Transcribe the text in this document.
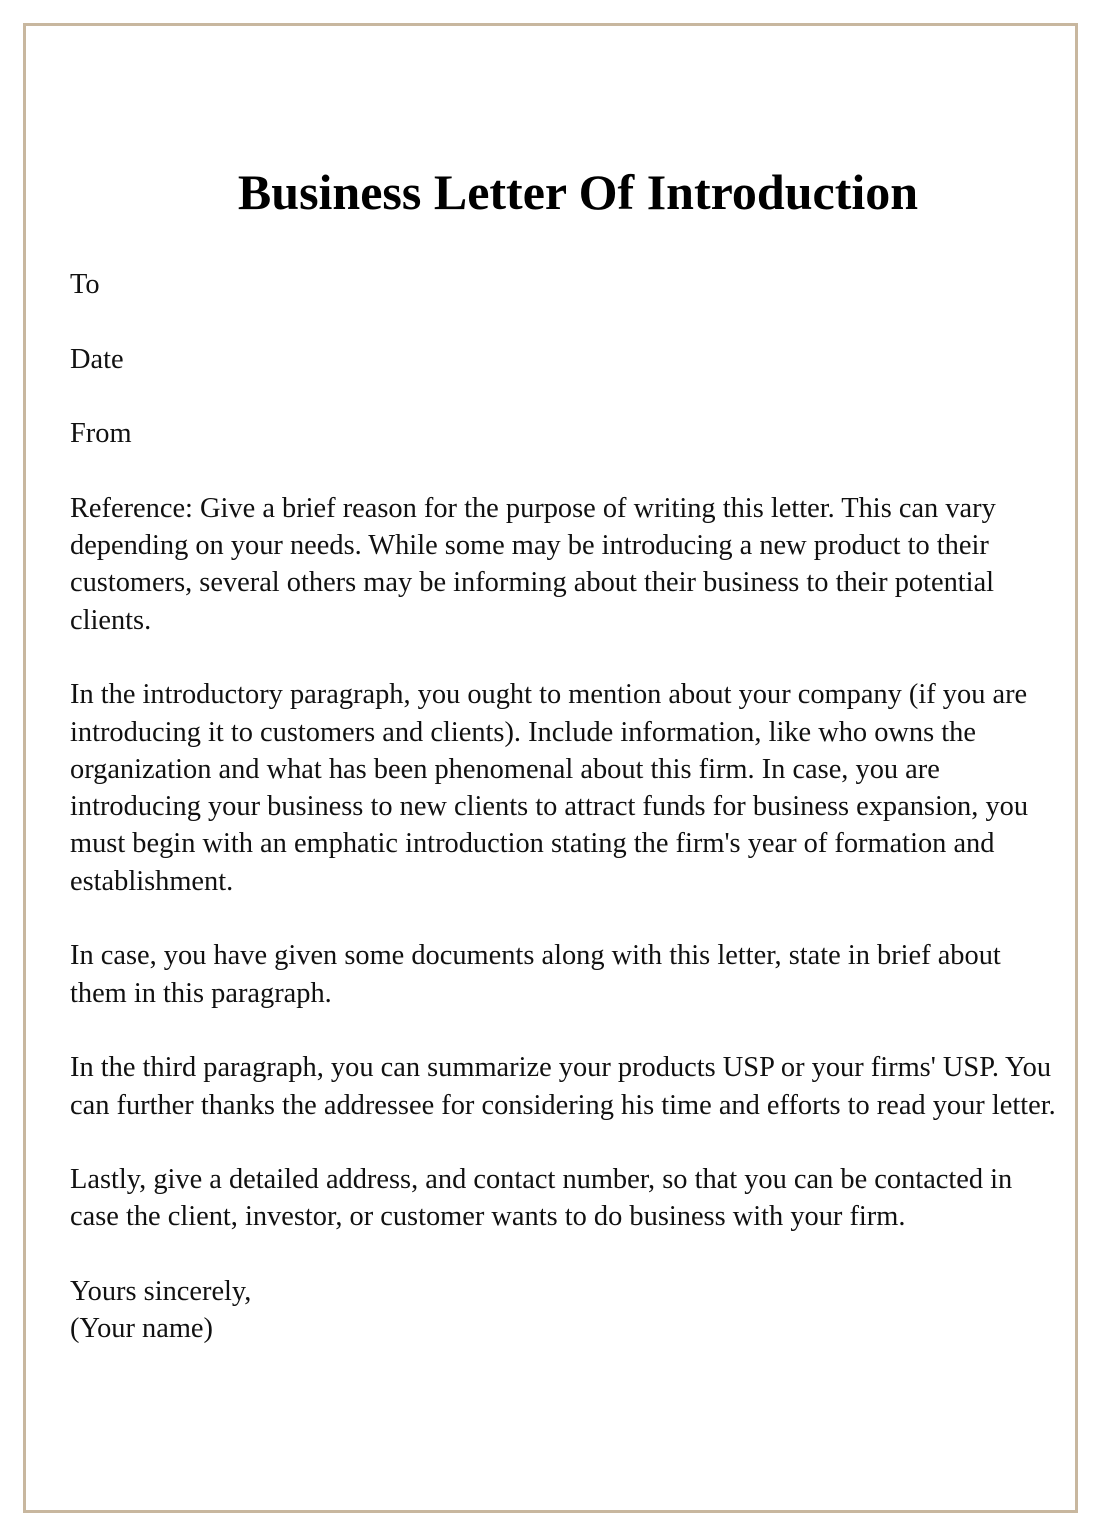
Business Letter Of Introduction

To

Date

From

Reference: Give a brief reason for the purpose of writing this letter. This can vary depending on your needs. While some may be introducing a new product to their customers, several others may be informing about their business to their potential clients.

In the introductory paragraph, you ought to mention about your company (if you are introducing it to customers and clients). Include information, like who owns the organization and what has been phenomenal about this firm. In case, you are introducing your business to new clients to attract funds for business expansion, you must begin with an emphatic introduction stating the firm's year of formation and establishment.

In case, you have given some documents along with this letter, state in brief about them in this paragraph.

In the third paragraph, you can summarize your products USP or your firms' USP. You can further thanks the addressee for considering his time and efforts to read your letter.

Lastly, give a detailed address, and contact number, so that you can be contacted in case the client, investor, or customer wants to do business with your firm.

Yours sincerely,

(Your name)
